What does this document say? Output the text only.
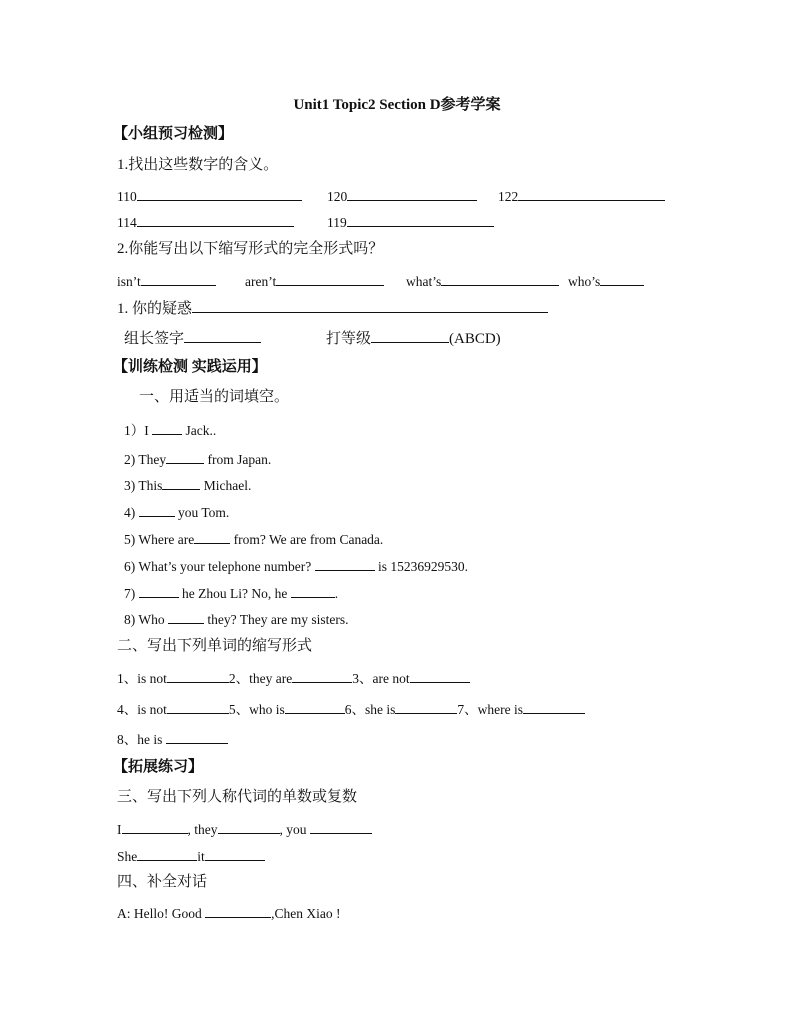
Unit1 Topic2 Section D参考学案
【小组预习检测】
1.找出这些数字的含义。
110	120	122
114	119
2.你能写出以下缩写形式的完全形式吗？
isn’t	aren’t	what’s	who’s
1. 你的疑惑
组长签字	打等级	(ABCD)
【训练检测 实践运用】
一、用适当的词填空。
1）I	Jack..
2) They	from Japan.
3) This	Michael.
4)	you Tom.
5) Where are	from? We are from Canada.
6) What’s your telephone number?	is 15236929530.
7)	he Zhou Li? No, he	.
8) Who	they? They are my sisters.
二、写出下列单词的缩写形式
1、is not	2、they are	3、are not
4、is not	5、who is	6、she is	7、where is
8、he is
【拓展练习】
三、写出下列人称代词的单数或复数
I	, they	, you
She	it
四、补全对话
A: Hello! Good	,Chen Xiao !
